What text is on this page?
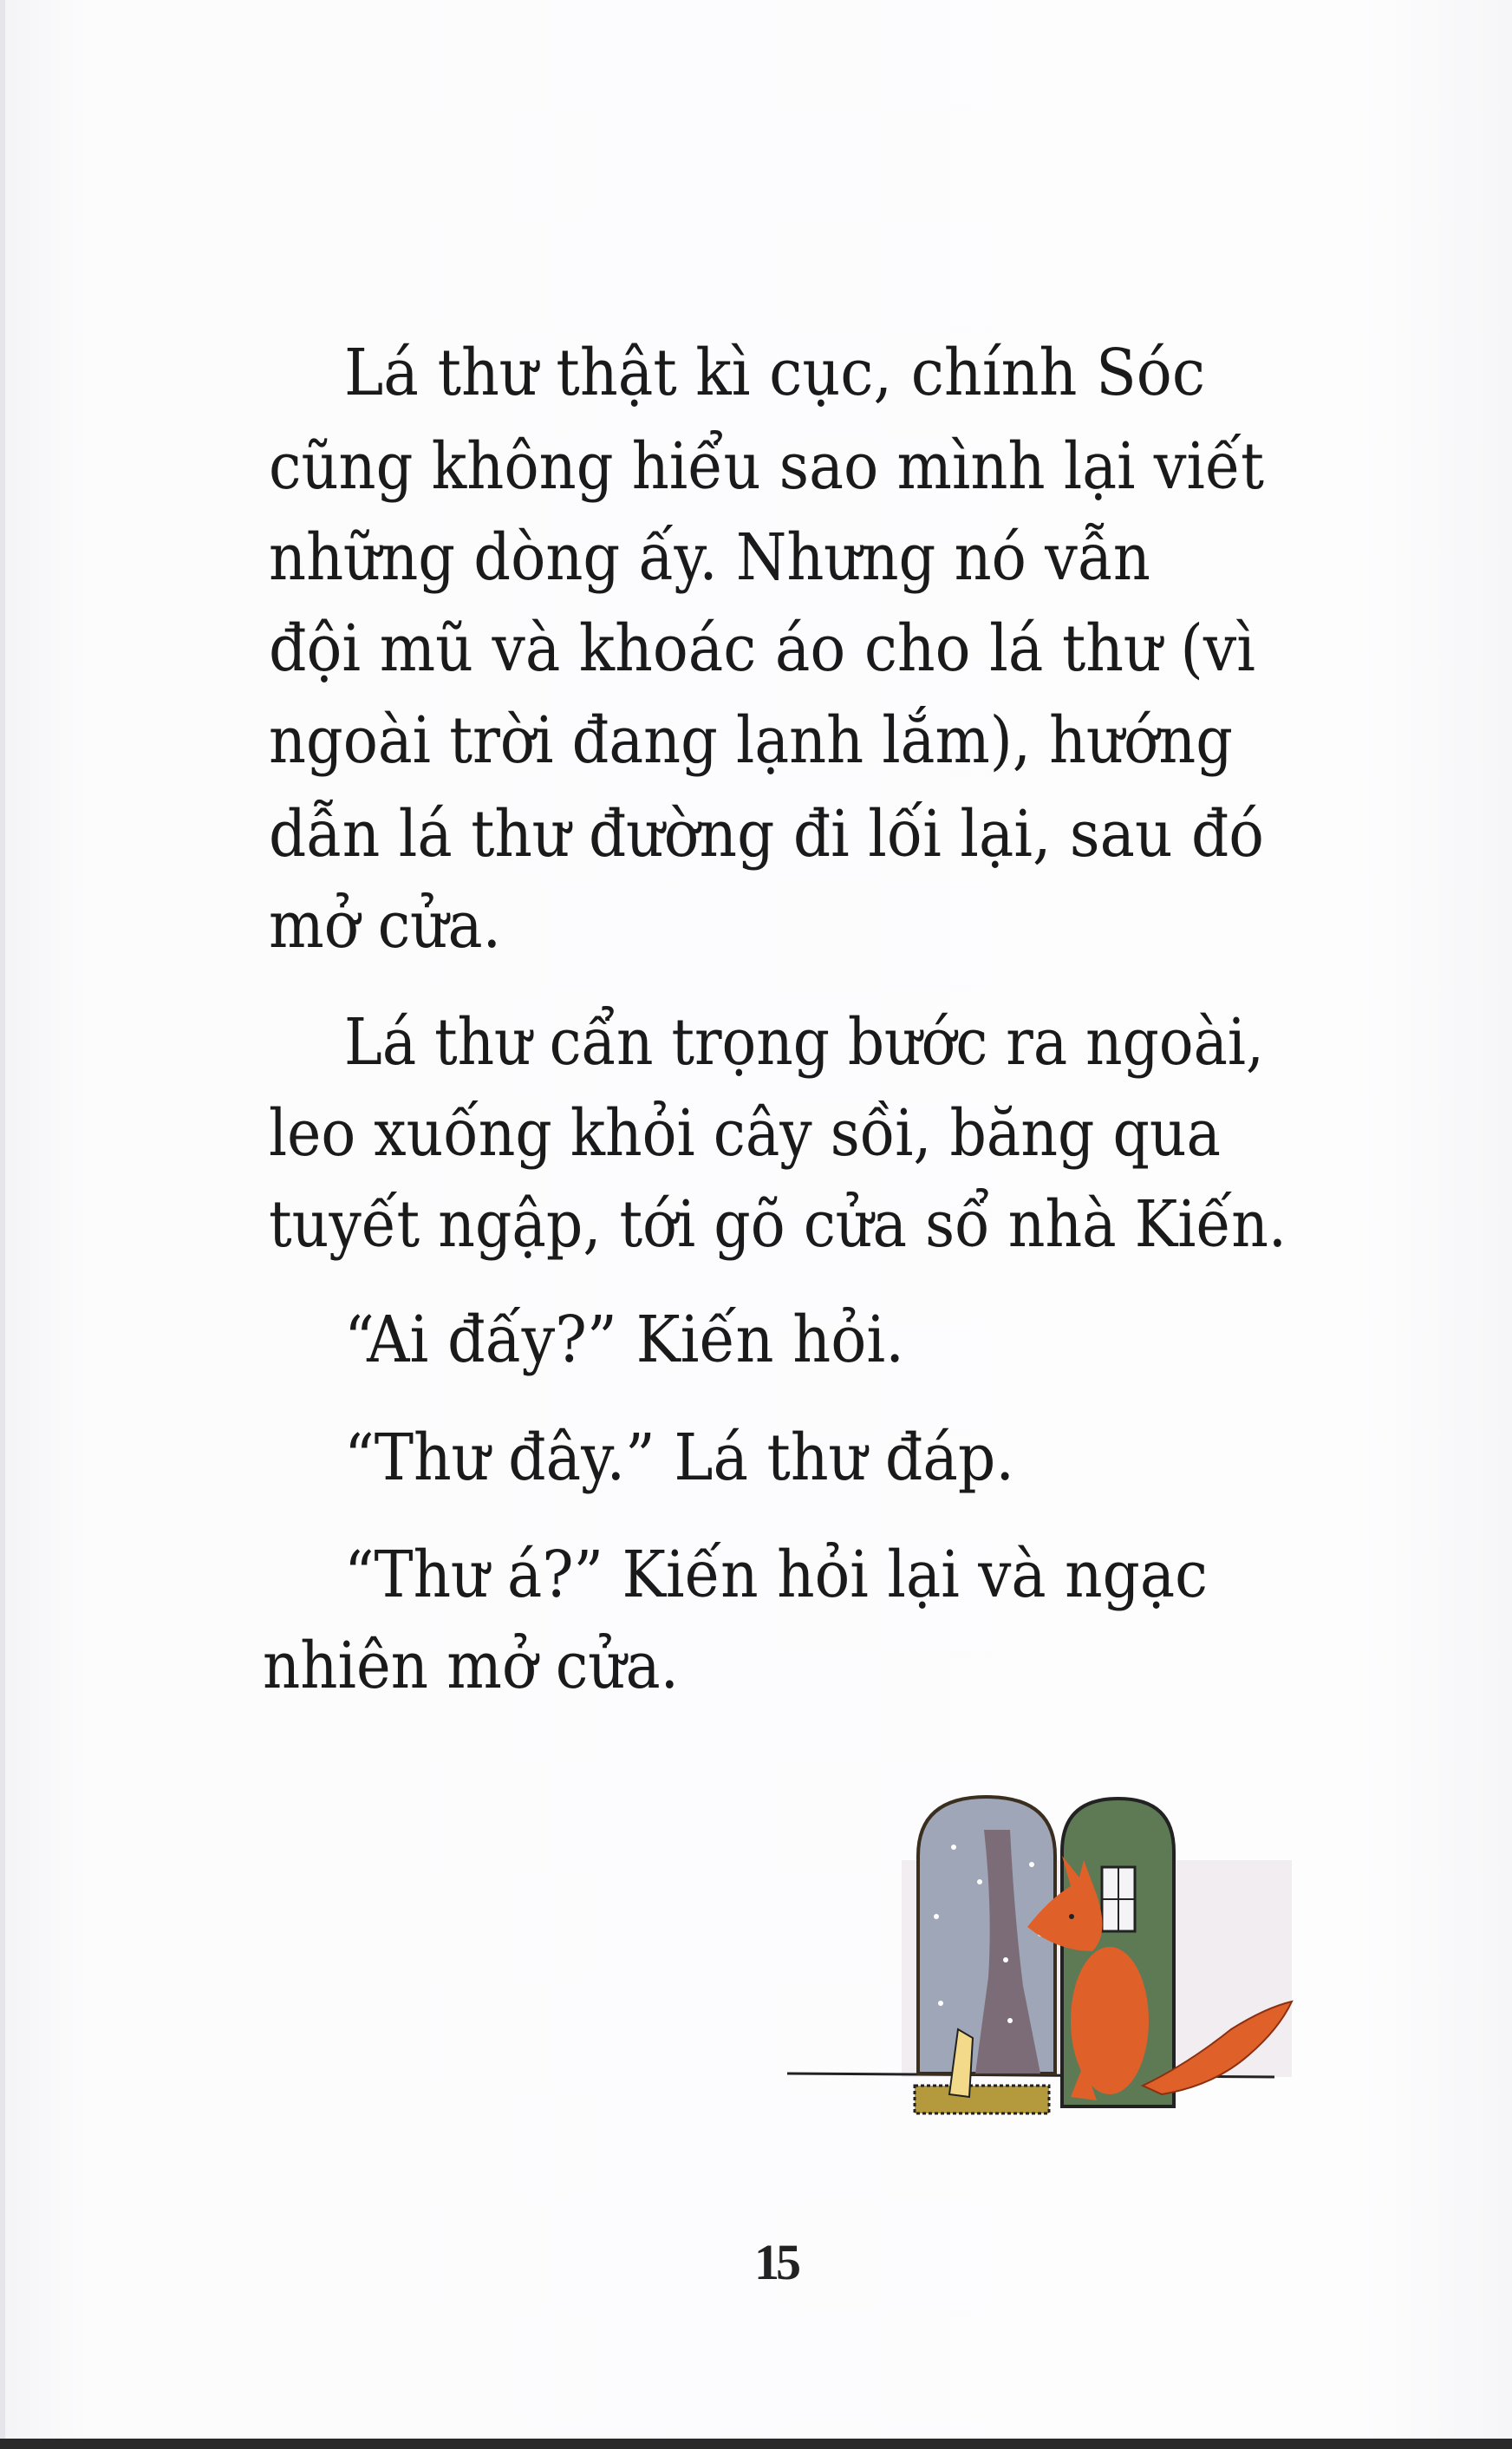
Lá thư thật kì cục, chính Sóc
cũng không hiểu sao mình lại viết
những dòng ấy. Nhưng nó vẫn
đội mũ và khoác áo cho lá thư (vì
ngoài trời đang lạnh lắm), hướng
dẫn lá thư đường đi lối lại, sau đó
mở cửa.
Lá thư cẩn trọng bước ra ngoài,
leo xuống khỏi cây sồi, băng qua
tuyết ngập, tới gõ cửa sổ nhà Kiến.
“Ai đấy?” Kiến hỏi.
“Thư đây.” Lá thư đáp.
“Thư á?” Kiến hỏi lại và ngạc
nhiên mở cửa.
15
